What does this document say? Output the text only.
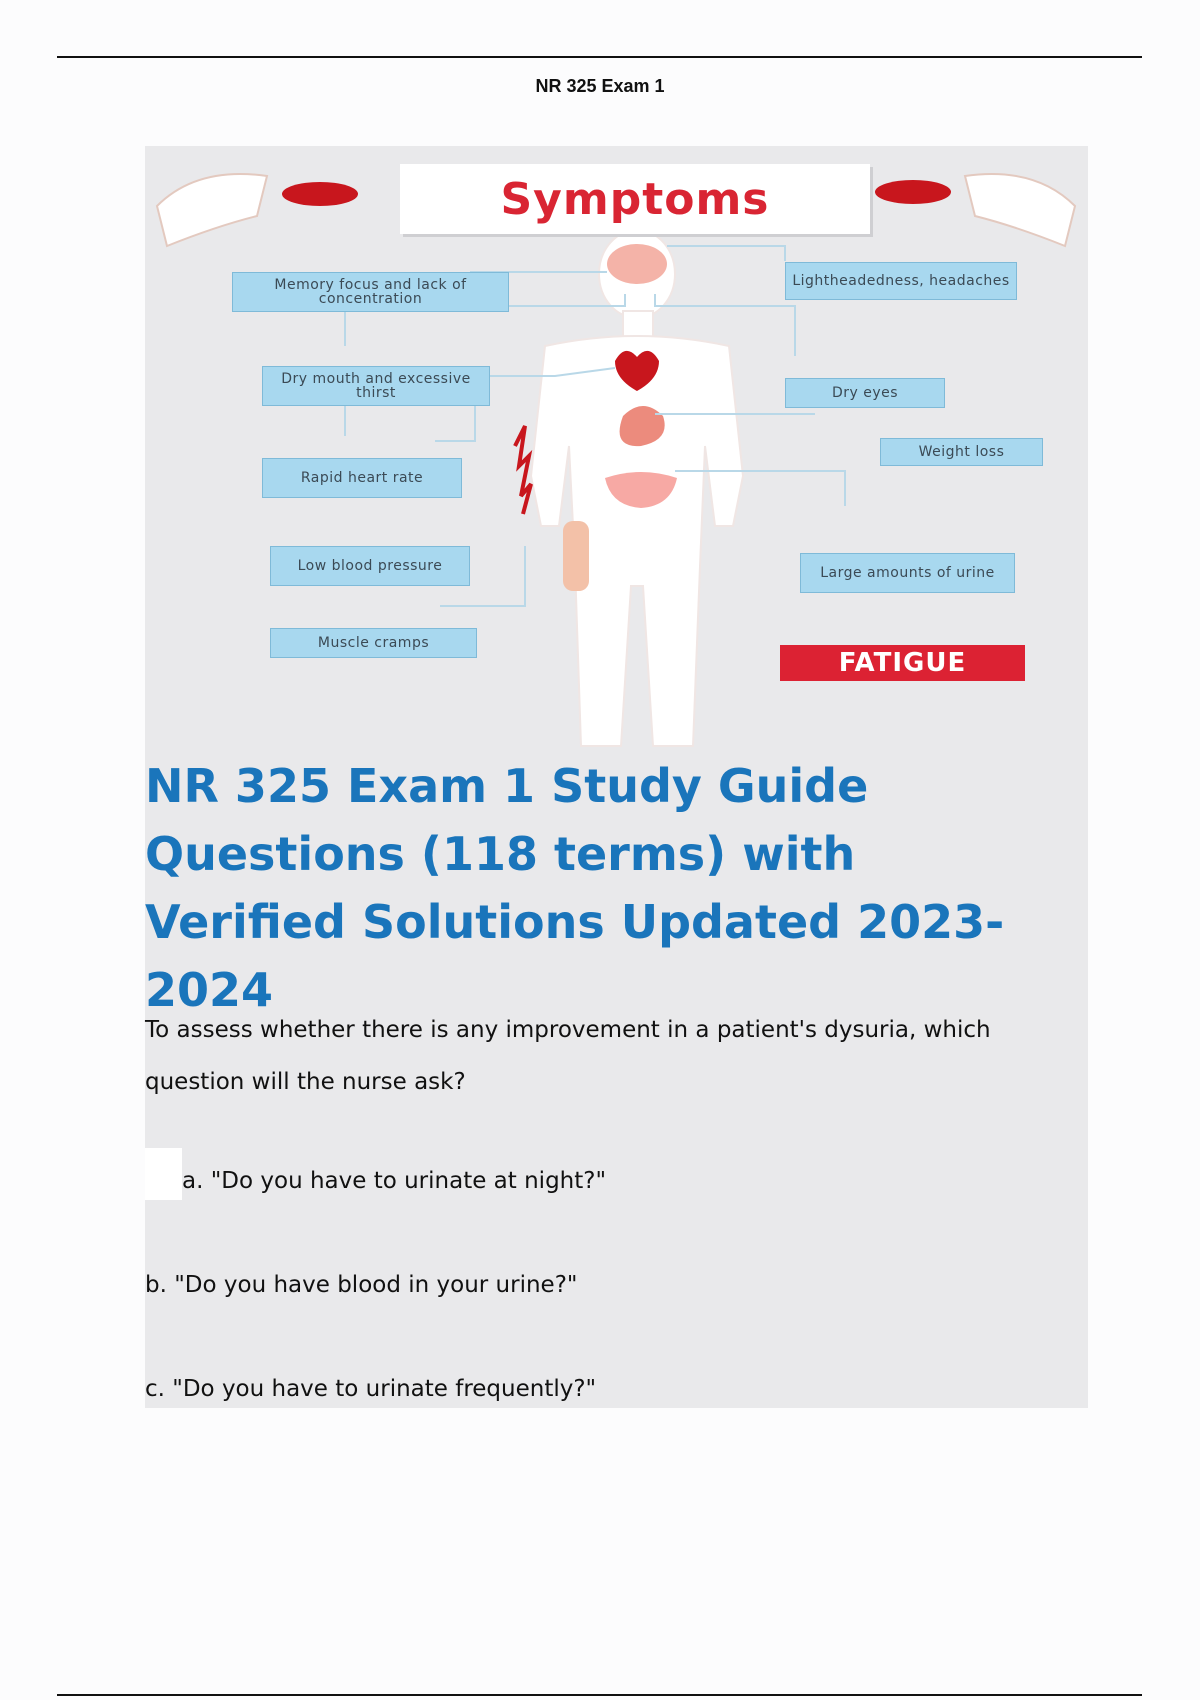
NR 325 Exam 1
Symptoms
Memory focus and lack of concentration
Lightheadedness, headaches
Dry mouth and excessive thirst	Dry eyes
Weight loss
Rapid heart rate
Low blood pressure	Large amounts of urine
Muscle cramps
FATIGUE
NR 325 Exam 1 Study Guide Questions (118 terms) with Verified Solutions Updated 2023-2024
To assess whether there is any improvement in a patient's dysuria, which question will the nurse ask?
a. "Do you have to urinate at night?"
b. "Do you have blood in your urine?"
c. "Do you have to urinate frequently?"
